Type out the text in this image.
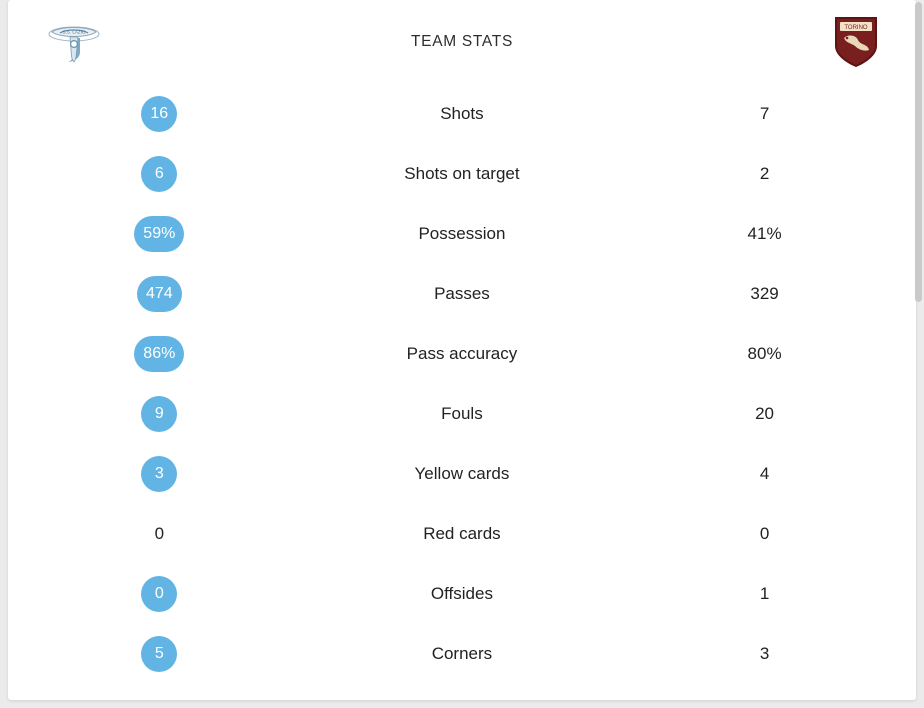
S.S. LAZIO
TEAM STATS
TORINO
16	Shots	7
6	Shots on target	2
59%	Possession	41%
474	Passes	329
86%	Pass accuracy	80%
9	Fouls	20
3	Yellow cards	4
0	Red cards	0
0	Offsides	1
5	Corners	3
